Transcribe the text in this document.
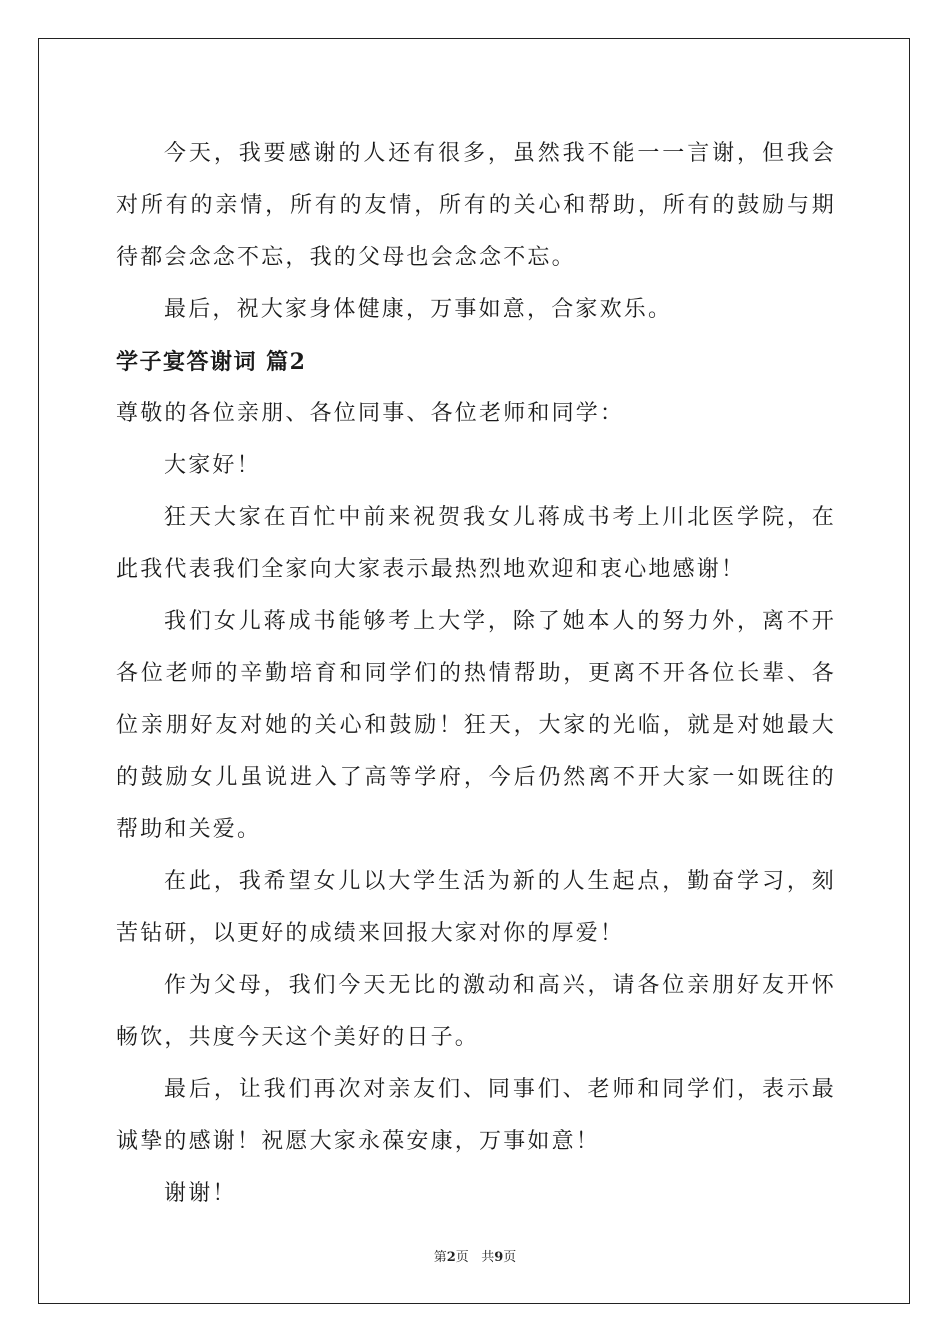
今天，我要感谢的人还有很多，虽然我不能一一言谢，但我会对所有的亲情，所有的友情，所有的关心和帮助，所有的鼓励与期待都会念念不忘，我的父母也会念念不忘。

最后，祝大家身体健康，万事如意，合家欢乐。

学子宴答谢词 篇2

尊敬的各位亲朋、各位同事、各位老师和同学：

大家好！

狂天大家在百忙中前来祝贺我女儿蒋成书考上川北医学院，在此我代表我们全家向大家表示最热烈地欢迎和衷心地感谢！

我们女儿蒋成书能够考上大学，除了她本人的努力外，离不开各位老师的辛勤培育和同学们的热情帮助，更离不开各位长辈、各位亲朋好友对她的关心和鼓励！狂天，大家的光临，就是对她最大的鼓励女儿虽说进入了高等学府，今后仍然离不开大家一如既往的帮助和关爱。

在此，我希望女儿以大学生活为新的人生起点，勤奋学习，刻苦钻研，以更好的成绩来回报大家对你的厚爱！

作为父母，我们今天无比的激动和高兴，请各位亲朋好友开怀畅饮，共度今天这个美好的日子。

最后，让我们再次对亲友们、同事们、老师和同学们，表示最诚挚的感谢！祝愿大家永葆安康，万事如意！

谢谢！

第2页 共9页
